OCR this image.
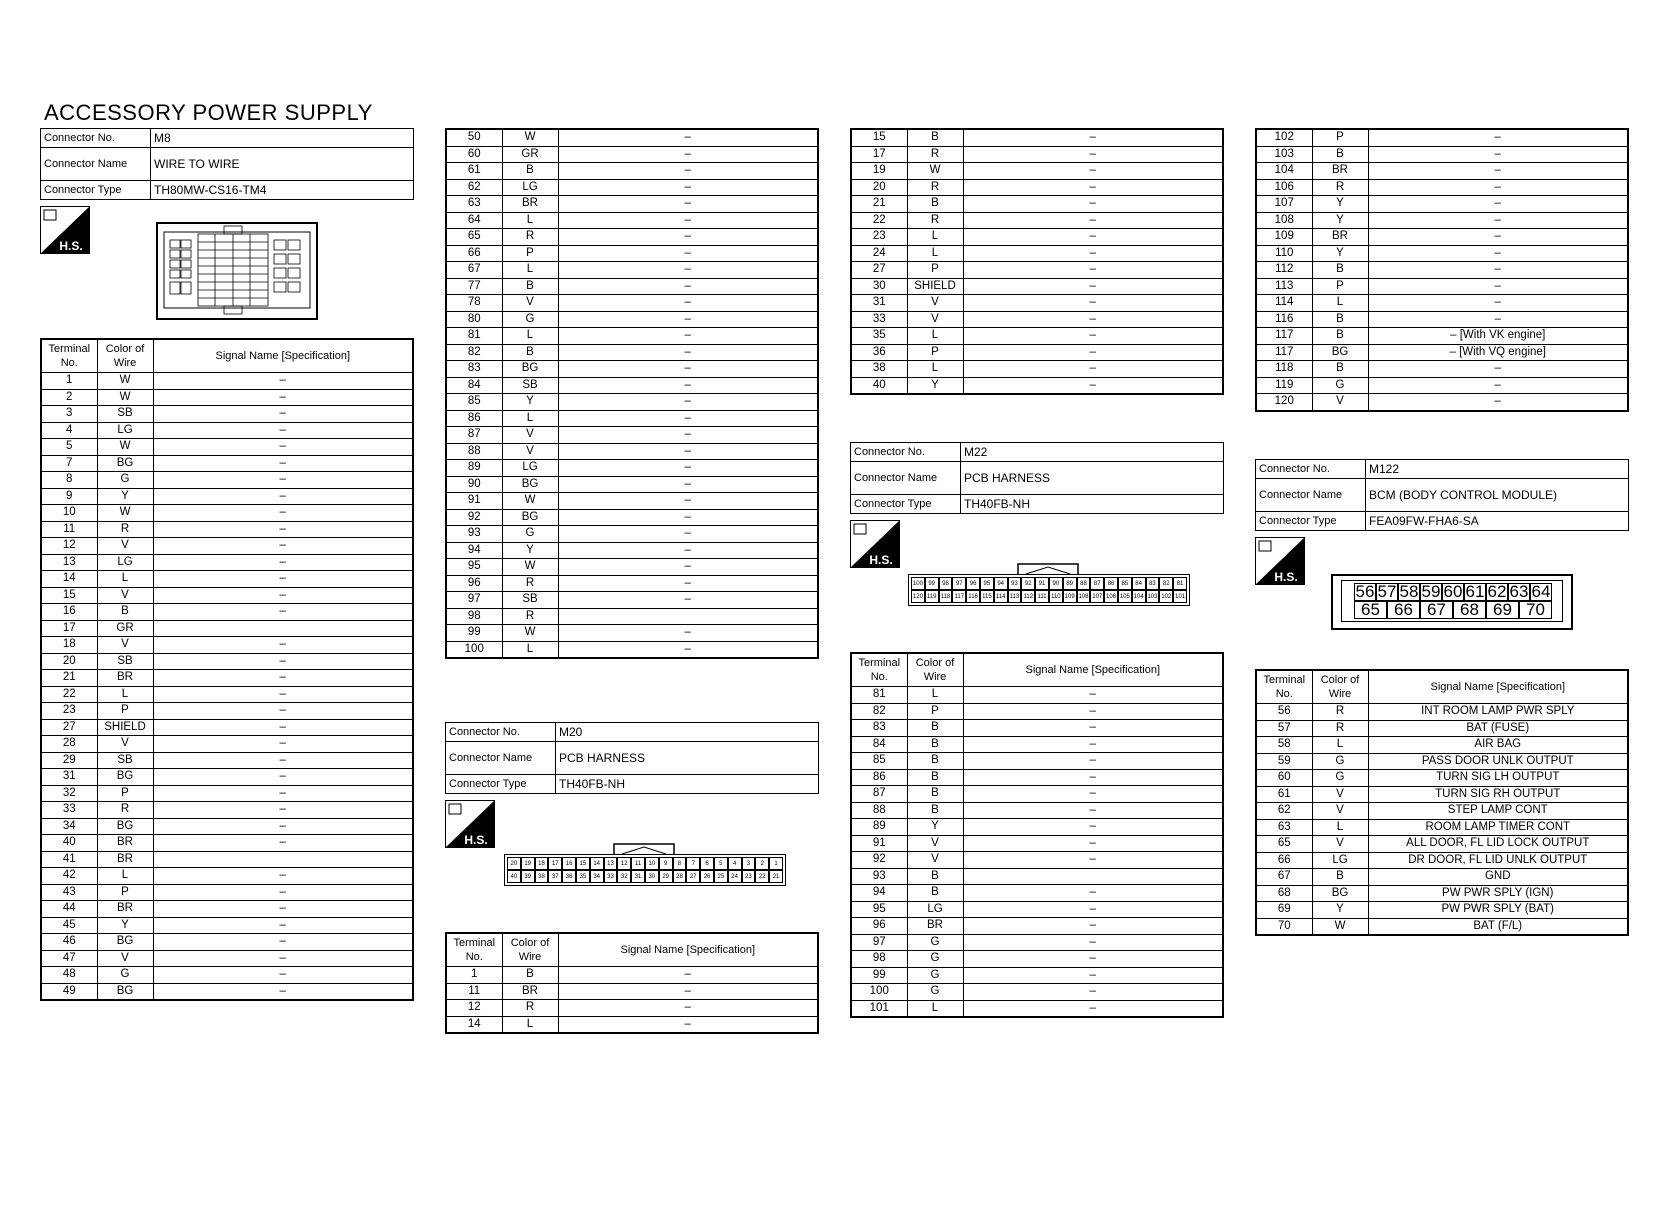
ACCESSORY POWER SUPPLY
Connector No.	M8
Connector Name	WIRE TO WIRE
Connector Type	TH80MW-CS16-TM4
H.S.
Terminal No.	Color of Wire	Signal Name [Specification]
1	W	–
2	W	–
3	SB	–
4	LG	–
5	W	–
7	BG	–
8	G	–
9	Y	–
10	W	–
11	R	–
12	V	–
13	LG	–
14	L	–
15	V	–
16	B	–
17	GR	
18	V	–
20	SB	–
21	BR	–
22	L	–
23	P	–
27	SHIELD	–
28	V	–
29	SB	–
31	BG	–
32	P	–
33	R	–
34	BG	–
40	BR	–
41	BR	
42	L	–
43	P	–
44	BR	–
45	Y	–
46	BG	–
47	V	–
48	G	–
49	BG	–
50	W	–
60	GR	–
61	B	–
62	LG	–
63	BR	–
64	L	–
65	R	–
66	P	–
67	L	–
77	B	–
78	V	–
80	G	–
81	L	–
82	B	–
83	BG	–
84	SB	–
85	Y	–
86	L	–
87	V	–
88	V	–
89	LG	–
90	BG	–
91	W	–
92	BG	–
93	G	–
94	Y	–
95	W	–
96	R	–
97	SB	–
98	R	
99	W	–
100	L	–
Connector No.	M20
Connector Name	PCB HARNESS
Connector Type	TH40FB-NH
H.S.
20	19	18	17	16	15	14	13	12	11	10	9	8	7	6	5	4	3	2	1
40	39	38	37	36	35	34	33	32	31	30	29	28	27	26	25	24	23	22	21
Terminal No.	Color of Wire	Signal Name [Specification]
1	B	–
11	BR	–
12	R	–
14	L	–
15	B	–
17	R	–
19	W	–
20	R	–
21	B	–
22	R	–
23	L	–
24	L	–
27	P	–
30	SHIELD	–
31	V	–
33	V	–
35	L	–
36	P	–
38	L	–
40	Y	–
Connector No.	M22
Connector Name	PCB HARNESS
Connector Type	TH40FB-NH
H.S.
100 99	98	97	96	95	94	93	92	91	90	89	88	87	86	85	84	83	82	81
120 119 118 117 116 115 114 113 112 111 110 109 108 107 106 105 104 103 102 101
Terminal No.	Color of Wire	Signal Name [Specification]
81	L	–
82	P	–
83	B	–
84	B	–
85	B	–
86	B	–
87	B	–
88	B	–
89	Y	–
91	V	–
92	V	–
93	B	
94	B	–
95	LG	–
96	BR	–
97	G	–
98	G	–
99	G	–
100	G	–
101	L	–
102	P	–
103	B	–
104	BR	–
106	R	–
107	Y	–
108	Y	–
109	BR	–
110	Y	–
112	B	–
113	P	–
114	L	–
116	B	–
117	B	– [With VK engine]
117	BG	– [With VQ engine]
118	B	–
119	G	–
120	V	–
Connector No.	M122
Connector Name	BCM (BODY CONTROL MODULE)
Connector Type	FEA09FW-FHA6-SA
H.S.
56 57 58 59 60 61 62 63 64
65 66 67 68 69 70
Terminal No.	Color of Wire	Signal Name [Specification]
56	R	INT ROOM LAMP PWR SPLY
57	R	BAT (FUSE)
58	L	AIR BAG
59	G	PASS DOOR UNLK OUTPUT
60	G	TURN SIG LH OUTPUT
61	V	TURN SIG RH OUTPUT
62	V	STEP LAMP CONT
63	L	ROOM LAMP TIMER CONT
65	V	ALL DOOR, FL LID LOCK OUTPUT
66	LG	DR DOOR, FL LID UNLK OUTPUT
67	B	GND
68	BG	PW PWR SPLY (IGN)
69	Y	PW PWR SPLY (BAT)
70	W	BAT (F/L)
